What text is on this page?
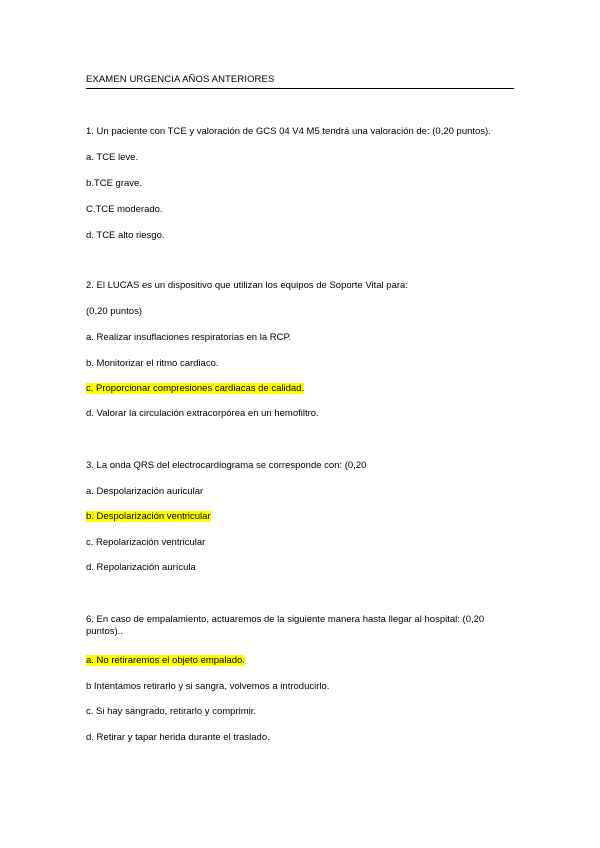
EXAMEN URGENCIA AÑOS ANTERIORES
1. Un paciente con TCE y valoración de GCS 04 V4 M5 tendrá una valoración de: (0,20 puntos).
a. TCE leve.
b.TCE grave.
C.TCE moderado.
d. TCE alto riesgo.
2. El LUCAS es un dispositivo que utilizan los equipos de Soporte Vital para:
(0,20 puntos)
a. Realizar insuflaciones respiratorias en la RCP.
b. Monitorizar el ritmo cardiaco.
c. Proporcionar compresiones cardiacas de calidad.
d. Valorar la circulación extracorpórea en un hemofiltro.
3. La onda QRS del electrocardiograma se corresponde con: (0,20
a. Despolarización auricular
b. Despolarización ventricular
c. Repolarización ventricular
d. Repolarización aurícula
6. En caso de empalamiento, actuaremos de la siguiente manera hasta llegar al hospital: (0,20 puntos)..
a. No retiraremos el objeto empalado.
b Intentamos retirarlo y si sangra, volvemos a introducirlo.
c. Si hay sangrado, retirarlo y comprimir.
d. Retirar y tapar herida durante el traslado.
